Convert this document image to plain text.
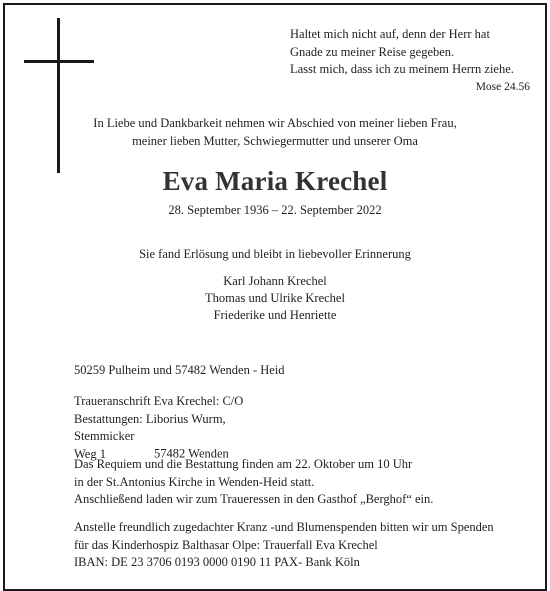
Haltet mich nicht auf, denn der Herr hat
Gnade zu meiner Reise gegeben.
Lasst mich, dass ich zu meinem Herrn ziehe.
Mose 24.56
In Liebe und Dankbarkeit nehmen wir Abschied von meiner lieben Frau,
meiner lieben Mutter, Schwiegermutter und unserer Oma
Eva Maria Krechel
28. September 1936 – 22. September 2022
Sie fand Erlösung und bleibt in liebevoller Erinnerung
Karl Johann Krechel
Thomas und Ulrike Krechel
Friederike und Henriette
50259 Pulheim und 57482 Wenden - Heid
Traueranschrift Eva Krechel: C/O
Bestattungen: Liborius Wurm,
Stemmicker Weg 1	57482 Wenden
Das Requiem und die Bestattung finden am 22. Oktober um 10 Uhr
in der St.Antonius Kirche in Wenden-Heid statt.
Anschließend laden wir zum Traueressen in den Gasthof „Berghof“ ein.
Anstelle freundlich zugedachter Kranz -und Blumenspenden bitten wir um Spenden
für das Kinderhospiz Balthasar Olpe: Trauerfall Eva Krechel
IBAN: DE 23 3706 0193 0000 0190 11 PAX- Bank Köln
